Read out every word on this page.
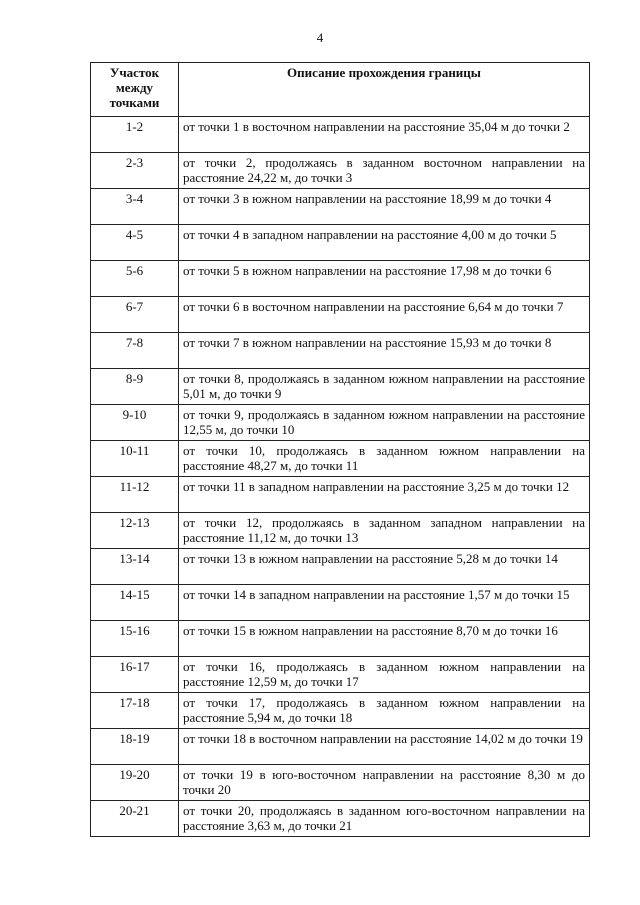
4
Участок между точками	Описание прохождения границы
1-2	от точки 1 в восточном направлении на расстояние 35,04 м до точки 2
2-3	от точки 2, продолжаясь в заданном восточном направлении на расстояние 24,22 м, до точки 3
3-4	от точки 3 в южном направлении на расстояние 18,99 м до точки 4
4-5	от точки 4 в западном направлении на расстояние 4,00 м до точки 5
5-6	от точки 5 в южном направлении на расстояние 17,98 м до точки 6
6-7	от точки 6 в восточном направлении на расстояние 6,64 м до точки 7
7-8	от точки 7 в южном направлении на расстояние 15,93 м до точки 8
8-9	от точки 8, продолжаясь в заданном южном направлении на расстояние 5,01 м, до точки 9
9-10	от точки 9, продолжаясь в заданном южном направлении на расстояние 12,55 м, до точки 10
10-11	от точки 10, продолжаясь в заданном южном направлении на расстояние 48,27 м, до точки 11
11-12	от точки 11 в западном направлении на расстояние 3,25 м до точки 12
12-13	от точки 12, продолжаясь в заданном западном направлении на расстояние 11,12 м, до точки 13
13-14	от точки 13 в южном направлении на расстояние 5,28 м до точки 14
14-15	от точки 14 в западном направлении на расстояние 1,57 м до точки 15
15-16	от точки 15 в южном направлении на расстояние 8,70 м до точки 16
16-17	от точки 16, продолжаясь в заданном южном направлении на расстояние 12,59 м, до точки 17
17-18	от точки 17, продолжаясь в заданном южном направлении на расстояние 5,94 м, до точки 18
18-19	от точки 18 в восточном направлении на расстояние 14,02 м до точки 19
19-20	от точки 19 в юго-восточном направлении на расстояние 8,30 м до точки 20
20-21	от точки 20, продолжаясь в заданном юго-восточном направлении на расстояние 3,63 м, до точки 21
